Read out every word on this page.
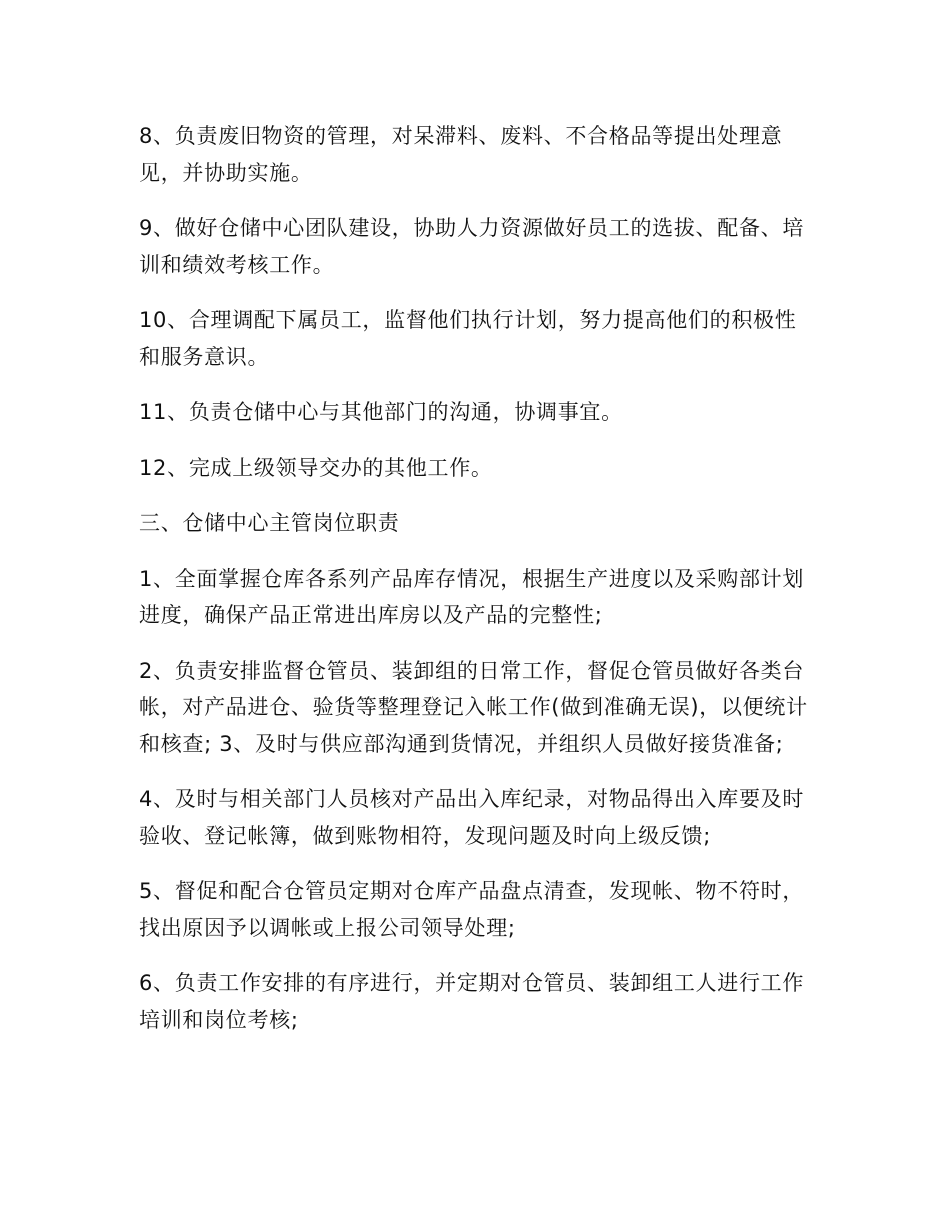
8、负责废旧物资的管理，对呆滞料、废料、不合格品等提出处理意见，并协助实施。

9、做好仓储中心团队建设，协助人力资源做好员工的选拔、配备、培训和绩效考核工作。

10、合理调配下属员工，监督他们执行计划，努力提高他们的积极性和服务意识。

11、负责仓储中心与其他部门的沟通，协调事宜。

12、完成上级领导交办的其他工作。

三、仓储中心主管岗位职责

1、全面掌握仓库各系列产品库存情况，根据生产进度以及采购部计划进度，确保产品正常进出库房以及产品的完整性;

2、负责安排监督仓管员、装卸组的日常工作，督促仓管员做好各类台帐，对产品进仓、验货等整理登记入帐工作(做到准确无误)，以便统计和核查; 3、及时与供应部沟通到货情况，并组织人员做好接货准备;

4、及时与相关部门人员核对产品出入库纪录，对物品得出入库要及时验收、登记帐簿，做到账物相符，发现问题及时向上级反馈;

5、督促和配合仓管员定期对仓库产品盘点清查，发现帐、物不符时，找出原因予以调帐或上报公司领导处理;

6、负责工作安排的有序进行，并定期对仓管员、装卸组工人进行工作培训和岗位考核;
